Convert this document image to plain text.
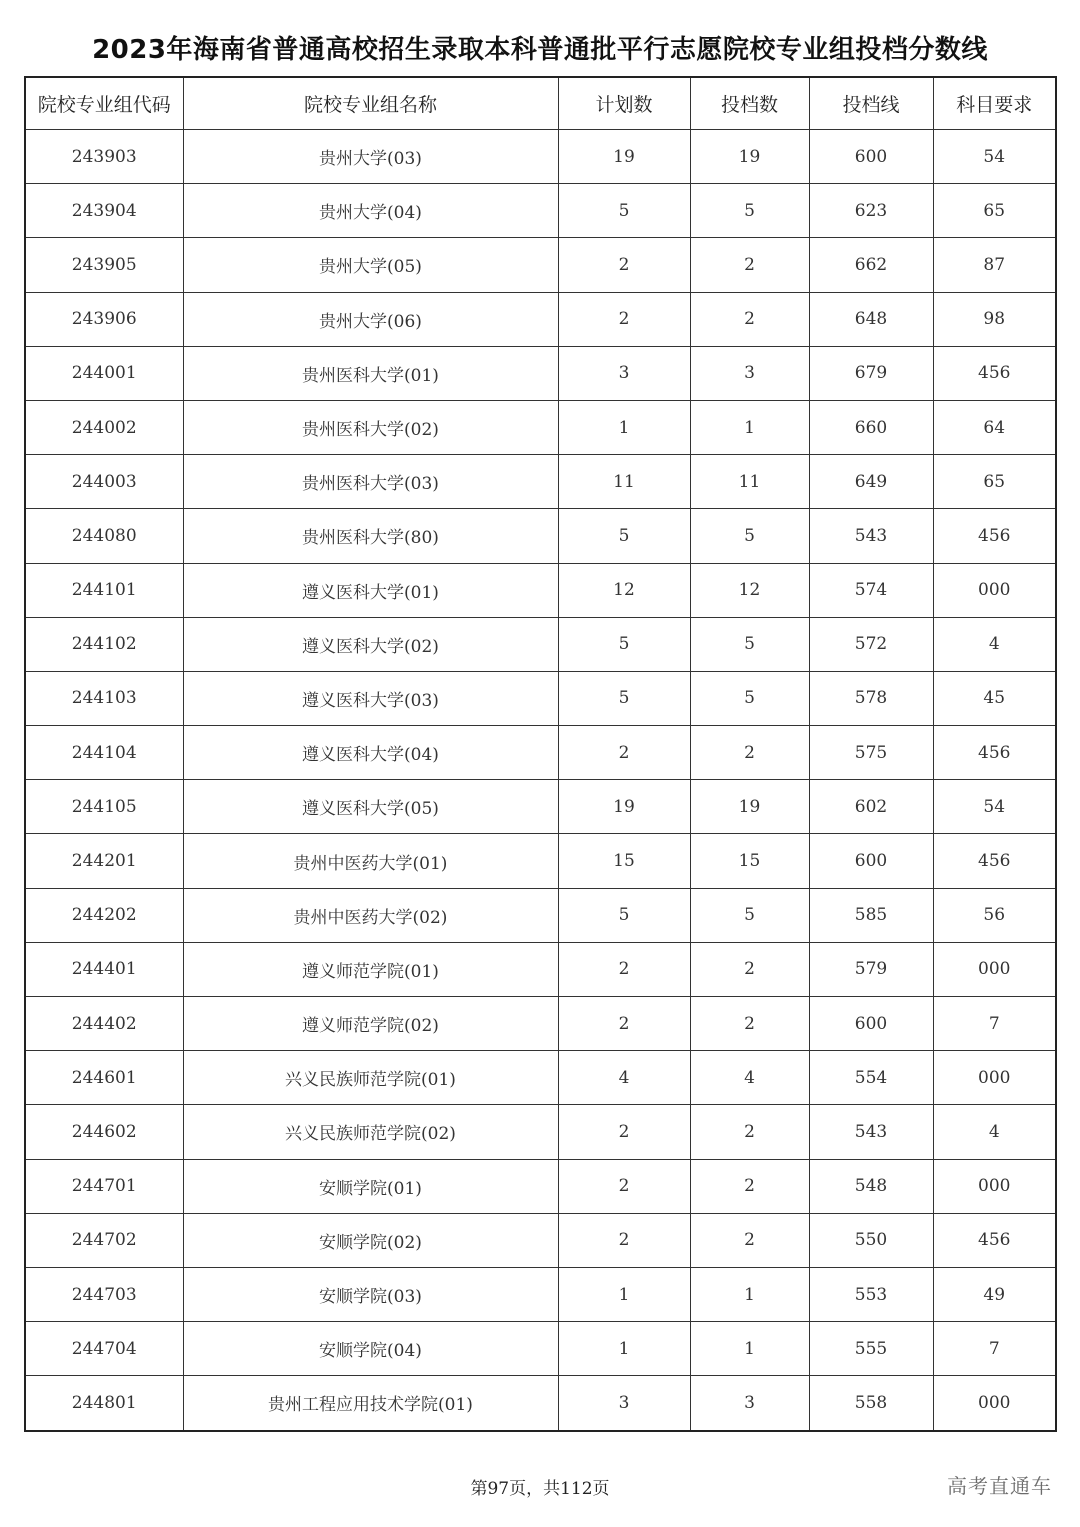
2023年海南省普通高校招生录取本科普通批平行志愿院校专业组投档分数线
院校专业组代码	院校专业组名称	计划数	投档数	投档线	科目要求
243903	贵州大学(03)	19	19	600	54
243904	贵州大学(04)	5	5	623	65
243905	贵州大学(05)	2	2	662	87
243906	贵州大学(06)	2	2	648	98
244001	贵州医科大学(01)	3	3	679	456
244002	贵州医科大学(02)	1	1	660	64
244003	贵州医科大学(03)	11	11	649	65
244080	贵州医科大学(80)	5	5	543	456
244101	遵义医科大学(01)	12	12	574	000
244102	遵义医科大学(02)	5	5	572	4
244103	遵义医科大学(03)	5	5	578	45
244104	遵义医科大学(04)	2	2	575	456
244105	遵义医科大学(05)	19	19	602	54
244201	贵州中医药大学(01)	15	15	600	456
244202	贵州中医药大学(02)	5	5	585	56
244401	遵义师范学院(01)	2	2	579	000
244402	遵义师范学院(02)	2	2	600	7
244601	兴义民族师范学院(01)	4	4	554	000
244602	兴义民族师范学院(02)	2	2	543	4
244701	安顺学院(01)	2	2	548	000
244702	安顺学院(02)	2	2	550	456
244703	安顺学院(03)	1	1	553	49
244704	安顺学院(04)	1	1	555	7
244801	贵州工程应用技术学院(01)	3	3	558	000
第97页，共112页	高考直通车
